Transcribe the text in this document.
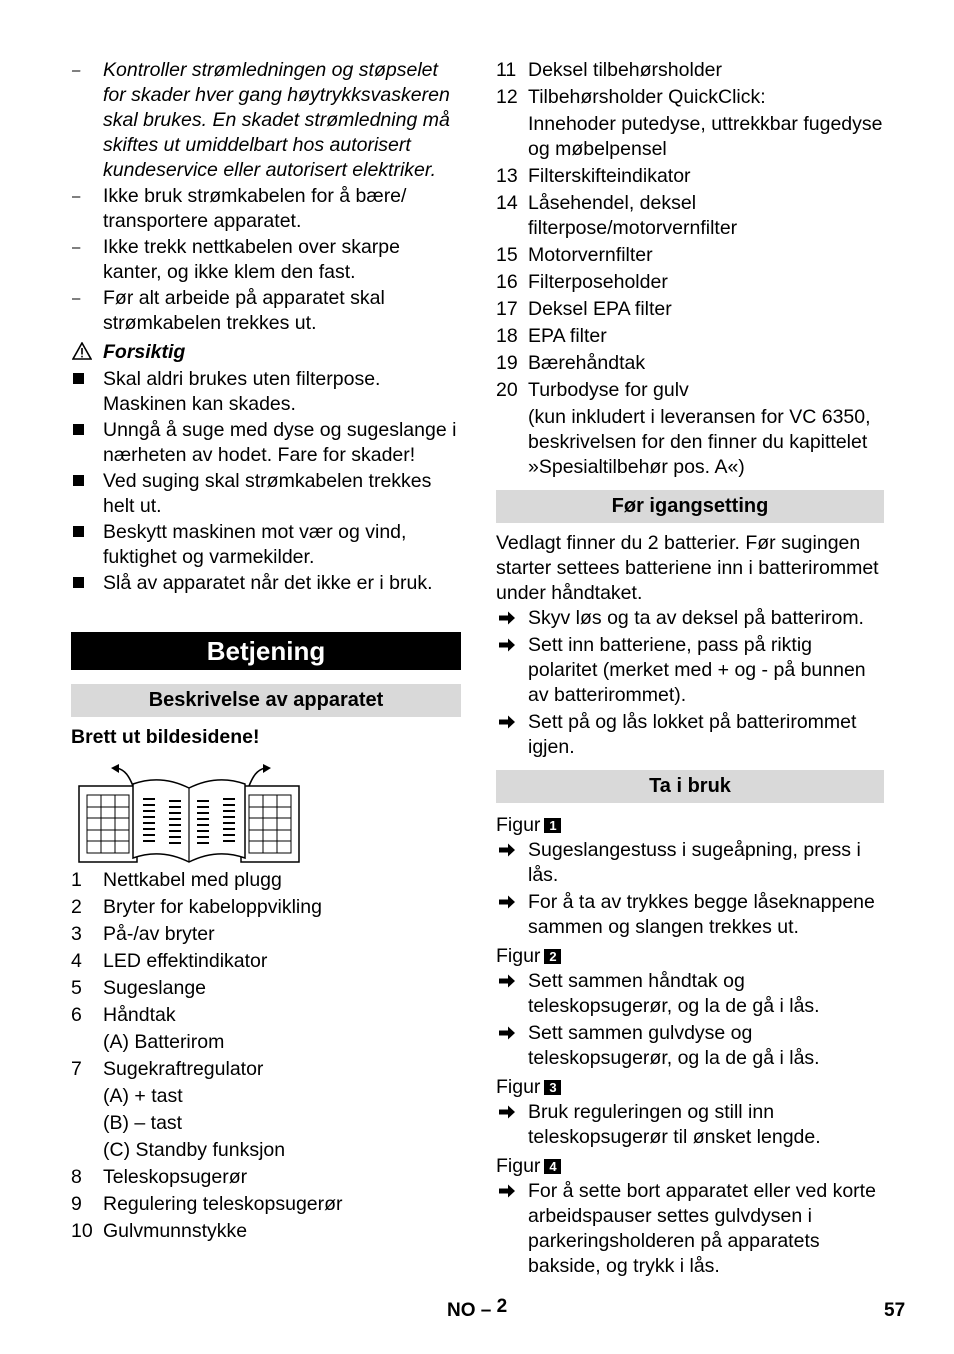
–	Kontroller strømledningen og støpselet for skader hver gang høytrykksvaskeren skal brukes. En skadet strømledning må skiftes ut umiddelbart hos autorisert kundeservice eller autorisert elektriker.
–	Ikke bruk strømkabelen for å bære/ transportere apparatet.
–	Ikke trekk nettkabelen over skarpe kanter, og ikke klem den fast.
–	Før alt arbeide på apparatet skal strømkabelen trekkes ut.
Forsiktig
Skal aldri brukes uten filterpose. Maskinen kan skades.
Unngå å suge med dyse og sugeslange i nærheten av hodet. Fare for skader!
Ved suging skal strømkabelen trekkes helt ut.
Beskytt maskinen mot vær og vind, fuktighet og varmekilder.
Slå av apparatet når det ikke er i bruk.
Betjening
Beskrivelse av apparatet
Brett ut bildesidene!
1 Nettkabel med plugg
2 Bryter for kabeloppvikling
3 På-/av bryter
4 LED effektindikator
5 Sugeslange
6 Håndtak
(A) Batterirom
7 Sugekraftregulator
(A) + tast
(B) – tast
(C) Standby funksjon
8 Teleskopsugerør
9 Regulering teleskopsugerør
10 Gulvmunnstykke
11 Deksel tilbehørsholder
12 Tilbehørsholder QuickClick:
Innehoder putedyse, uttrekkbar fugedyse og møbelpensel
13 Filterskifteindikator
14 Låsehendel, deksel filterpose/motorvernfilter
15 Motorvernfilter
16 Filterposeholder
17 Deksel EPA filter
18 EPA filter
19 Bærehåndtak
20 Turbodyse for gulv
(kun inkludert i leveransen for VC 6350, beskrivelsen for den finner du kapittelet »Spesialtilbehør pos. A«)
Før igangsetting
Vedlagt finner du 2 batterier. Før sugingen starter settees batteriene inn i batterirommet under håndtaket.
Skyv løs og ta av deksel på batterirom.
Sett inn batteriene, pass på riktig polaritet (merket med + og - på bunnen av batterirommet).
Sett på og lås lokket på batterirommet igjen.
Ta i bruk
Figur 1
Sugeslangestuss i sugeåpning, press i lås.
For å ta av trykkes begge låseknappene sammen og slangen trekkes ut.
Figur 2
Sett sammen håndtak og teleskopsugerør, og la de gå i lås.
Sett sammen gulvdyse og teleskopsugerør, og la de gå i lås.
Figur 3
Bruk reguleringen og still inn teleskopsugerør til ønsket lengde.
Figur 4
For å sette bort apparatet eller ved korte arbeidspauser settes gulvdysen i parkeringsholderen på apparatets bakside, og trykk i lås.
NO – 2	57
